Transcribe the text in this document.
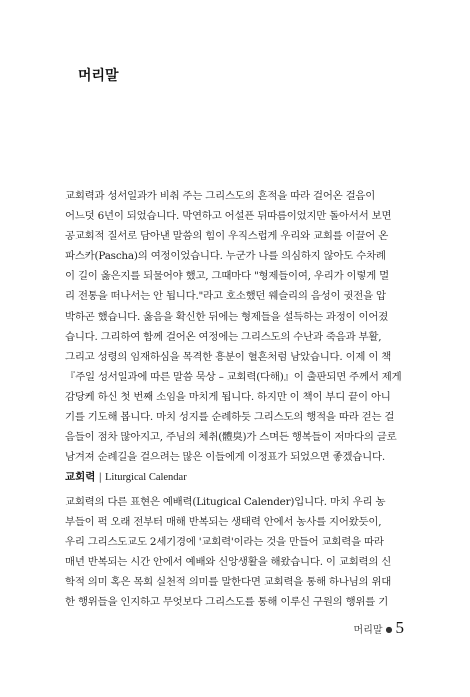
머리말

교회력과 성서일과가 비춰 주는 그리스도의 흔적을 따라 걸어온 걸음이

어느덧 6년이 되었습니다. 막연하고 어설픈 뒤따름이었지만 돌아서서 보면

공교회적 질서로 담아낸 말씀의 힘이 우직스럽게 우리와 교회를 이끌어 온

파스카(Pascha)의 여정이었습니다. 누군가 나를 의심하지 않아도 수차례

이 길이 옳은지를 되물어야 했고, 그때마다 "형제들이여, 우리가 이렇게 멀

리 전통을 떠나서는 안 됩니다."라고 호소했던 웨슬리의 음성이 귓전을 압

박하곤 했습니다. 옳음을 확신한 뒤에는 형제들을 설득하는 과정이 이어졌

습니다. 그리하여 함께 걸어온 여정에는 그리스도의 수난과 죽음과 부활,

그리고 성령의 임재하심을 목격한 흥분이 혈흔처럼 남았습니다. 이제 이 책

『주일 성서일과에 따른 말씀 묵상 – 교회력(다해)』이 출판되면 주께서 제게

감당케 하신 첫 번째 소임을 마치게 됩니다. 하지만 이 책이 부디 끝이 아니

기를 기도해 봅니다. 마치 성지를 순례하듯 그리스도의 행적을 따라 걷는 걸

음들이 점차 많아지고, 주님의 체취(體臭)가 스며든 행복들이 저마다의 글로

남겨져 순례길을 걸으려는 많은 이들에게 이정표가 되었으면 좋겠습니다.

교회력 | Liturgical Calendar

교회력의 다른 표현은 예배력(Litugical Calender)입니다. 마치 우리 농

부들이 퍽 오래 전부터 매해 반복되는 생태력 안에서 농사를 지어왔듯이,

우리 그리스도교도 2세기경에 '교회력'이라는 것을 만들어 교회력을 따라

매년 반복되는 시간 안에서 예배와 신앙생활을 해왔습니다. 이 교회력의 신

학적 의미 혹은 목회 실천적 의미를 말한다면 교회력을 통해 하나님의 위대

한 행위들을 인지하고 무엇보다 그리스도를 통해 이루신 구원의 행위를 기

머리말 ● 5
